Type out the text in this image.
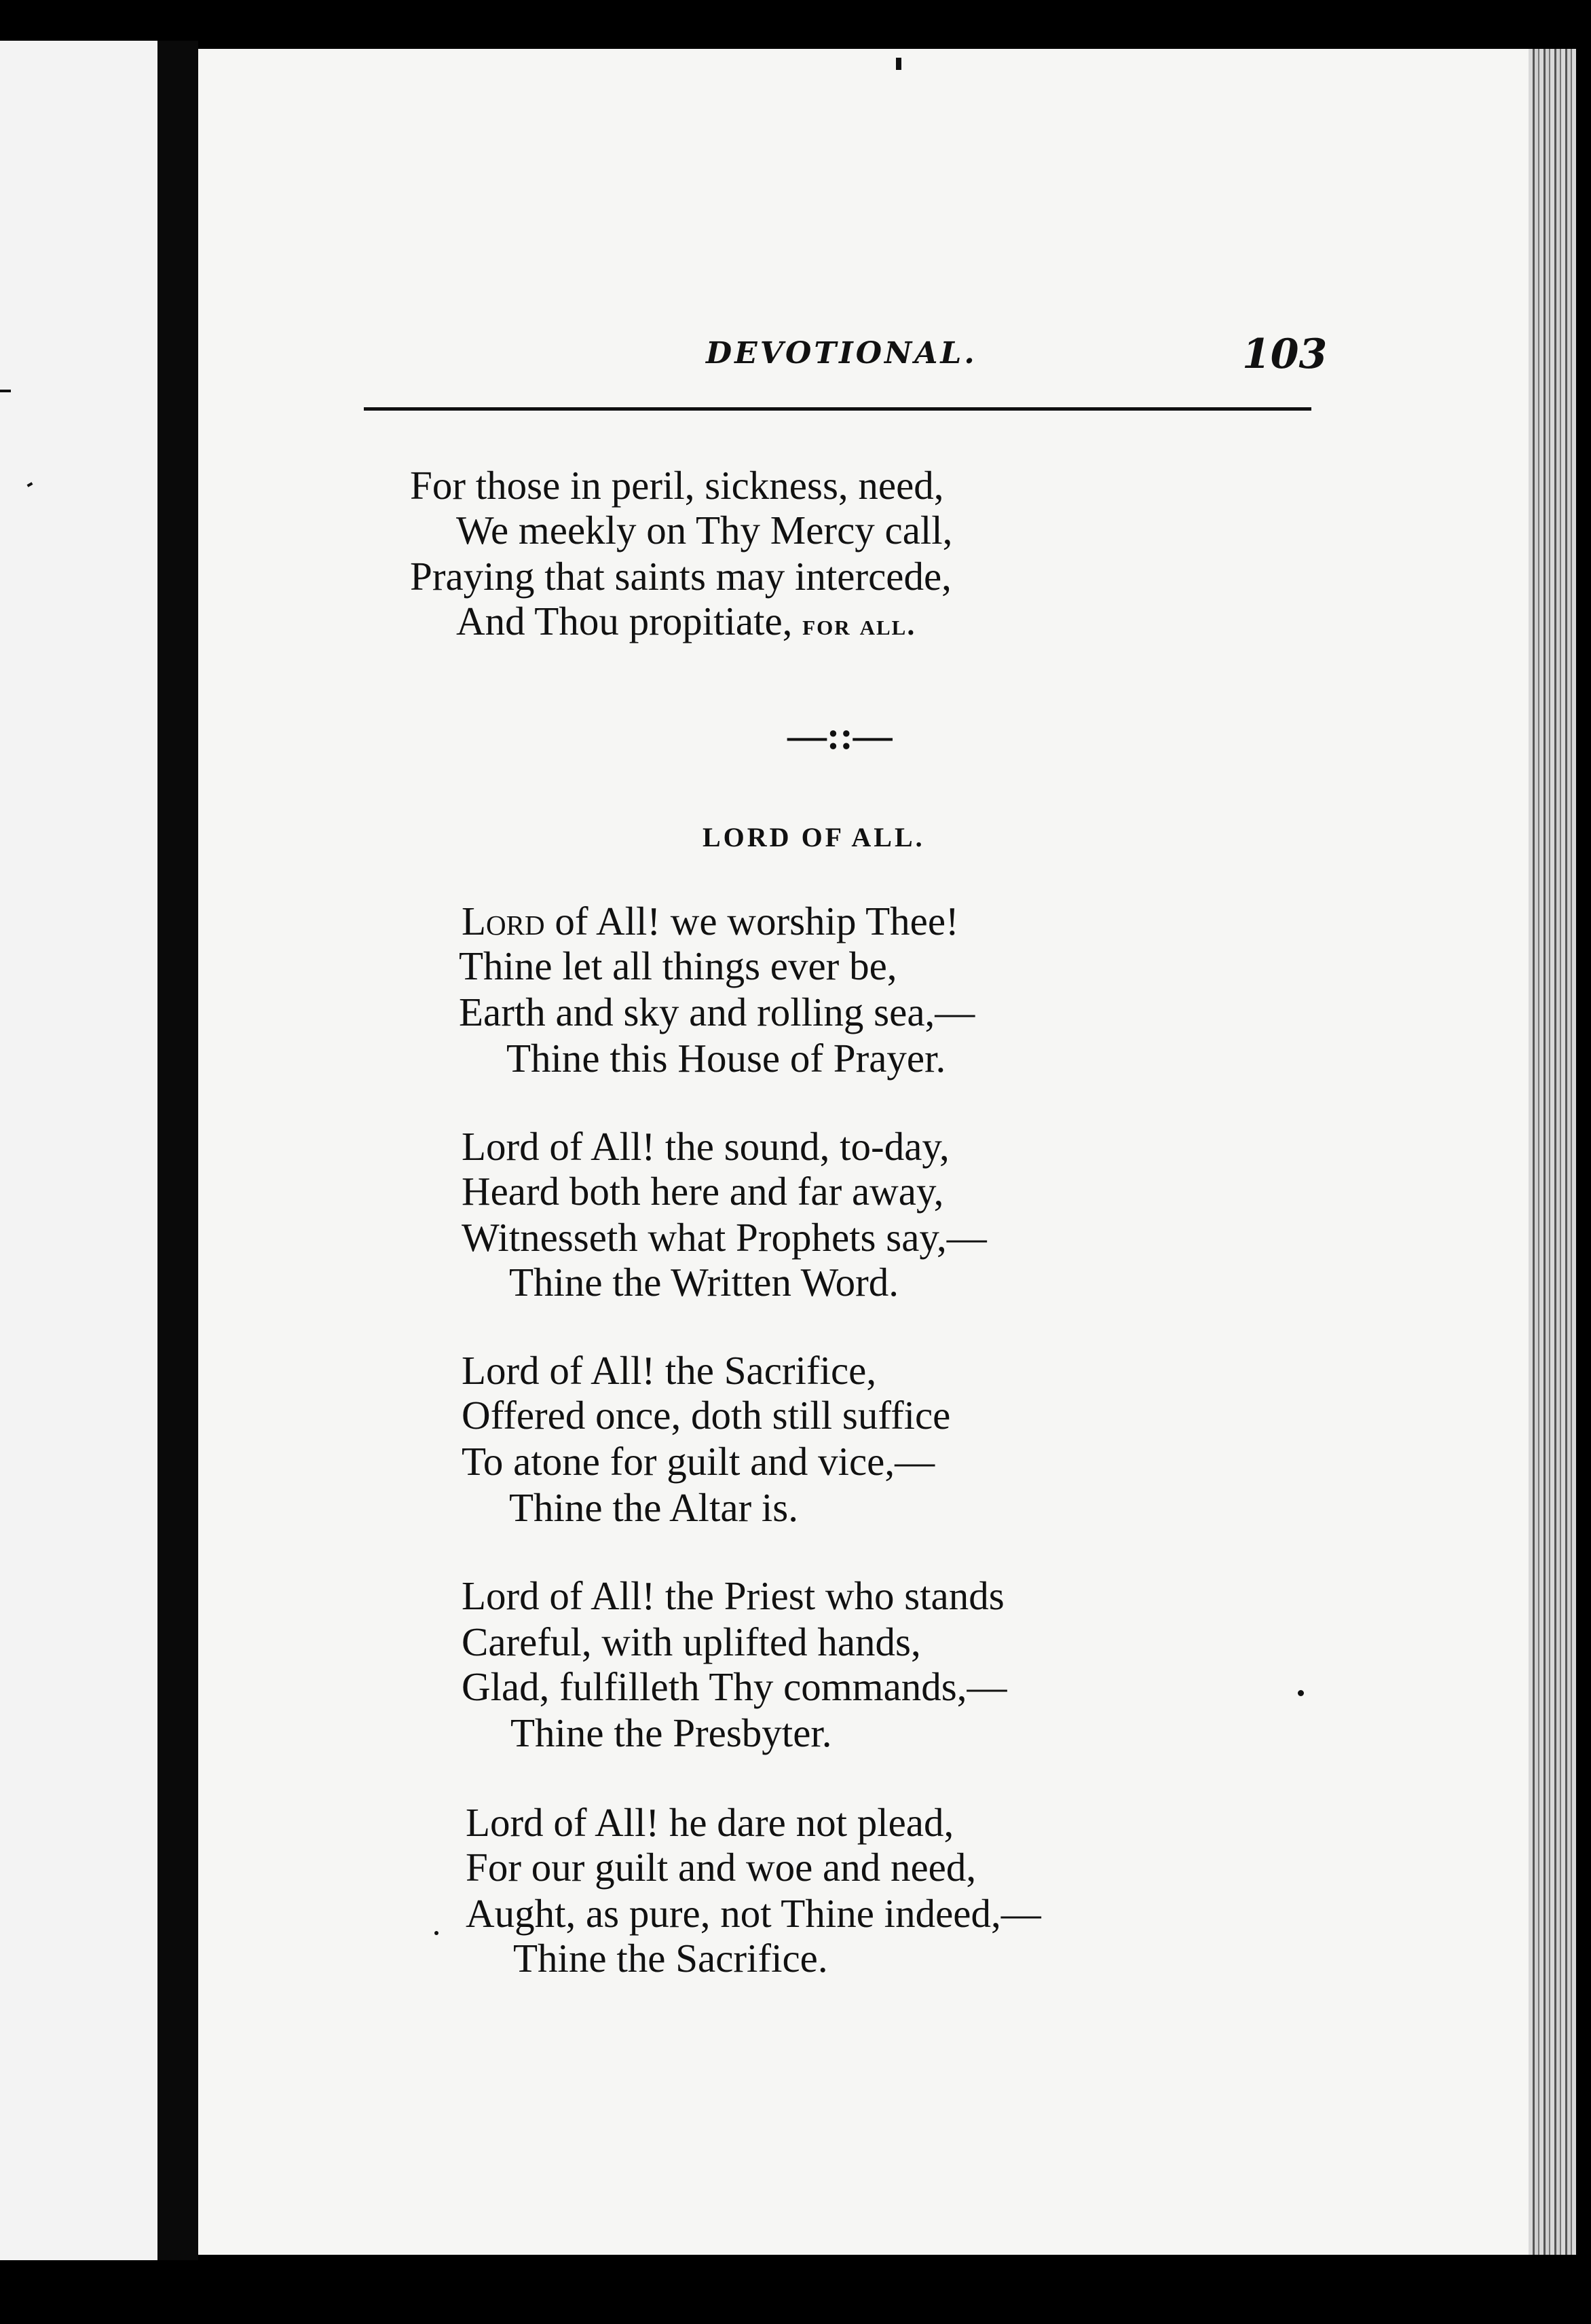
DEVOTIONAL.	103
For those in peril, sickness, need,
We meekly on Thy Mercy call,
Praying that saints may intercede,
And Thou propitiate, for all.
—::—
LORD OF ALL.
Lord of All! we worship Thee!
Thine let all things ever be,
Earth and sky and rolling sea,—
Thine this House of Prayer.
Lord of All! the sound, to-day,
Heard both here and far away,
Witnesseth what Prophets say,—
Thine the Written Word.
Lord of All! the Sacrifice,
Offered once, doth still suffice
To atone for guilt and vice,—
Thine the Altar is.
Lord of All! the Priest who stands
Careful, with uplifted hands,
Glad, fulfilleth Thy commands,—
Thine the Presbyter.
Lord of All! he dare not plead,
For our guilt and woe and need,
Aught, as pure, not Thine indeed,—
Thine the Sacrifice.
